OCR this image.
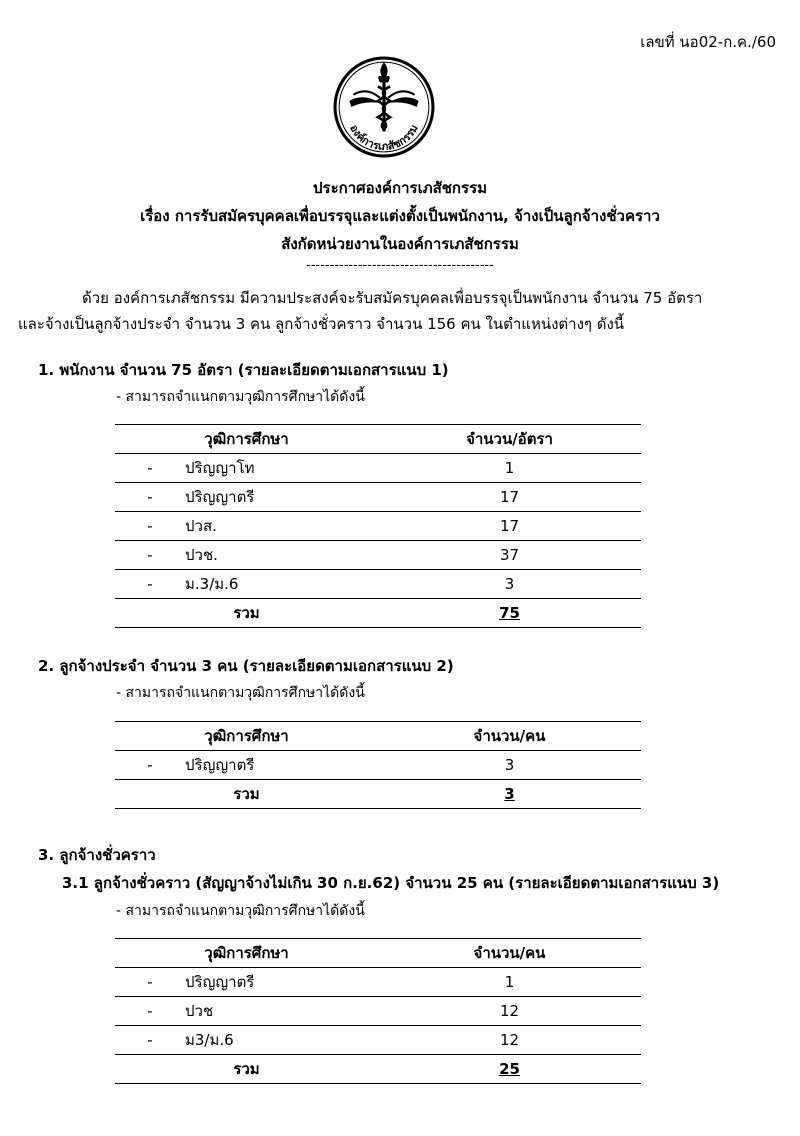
เลขที่ นอ02-ก.ค./60
องค์การเภสัชกรรม
ประกาศองค์การเภสัชกรรม
เรื่อง การรับสมัครบุคคลเพื่อบรรจุและแต่งตั้งเป็นพนักงาน, จ้างเป็นลูกจ้างชั่วคราว
สังกัดหน่วยงานในองค์การเภสัชกรรม
----------------------------------------
ด้วย องค์การเภสัชกรรม มีความประสงค์จะรับสมัครบุคคลเพื่อบรรจุเป็นพนักงาน จำนวน 75 อัตรา
และจ้างเป็นลูกจ้างประจำ จำนวน 3 คน ลูกจ้างชั่วคราว จำนวน 156 คน ในตำแหน่งต่างๆ ดังนี้
1. พนักงาน จำนวน 75 อัตรา (รายละเอียดตามเอกสารแนบ 1)
- สามารถจำแนกตามวุฒิการศึกษาได้ดังนี้
วุฒิการศึกษา	จำนวน/อัตรา
- ปริญญาโท	1
- ปริญญาตรี	17
- ปวส.	17
- ปวช.	37
- ม.3/ม.6	3
รวม	75
2. ลูกจ้างประจำ จำนวน 3 คน (รายละเอียดตามเอกสารแนบ 2)
- สามารถจำแนกตามวุฒิการศึกษาได้ดังนี้
วุฒิการศึกษา	จำนวน/คน
- ปริญญาตรี	3
รวม	3
3. ลูกจ้างชั่วคราว
3.1 ลูกจ้างชั่วคราว (สัญญาจ้างไม่เกิน 30 ก.ย.62) จำนวน 25 คน (รายละเอียดตามเอกสารแนบ 3)
- สามารถจำแนกตามวุฒิการศึกษาได้ดังนี้
วุฒิการศึกษา	จำนวน/คน
- ปริญญาตรี	1
- ปวช	12
- ม3/ม.6	12
รวม	25
